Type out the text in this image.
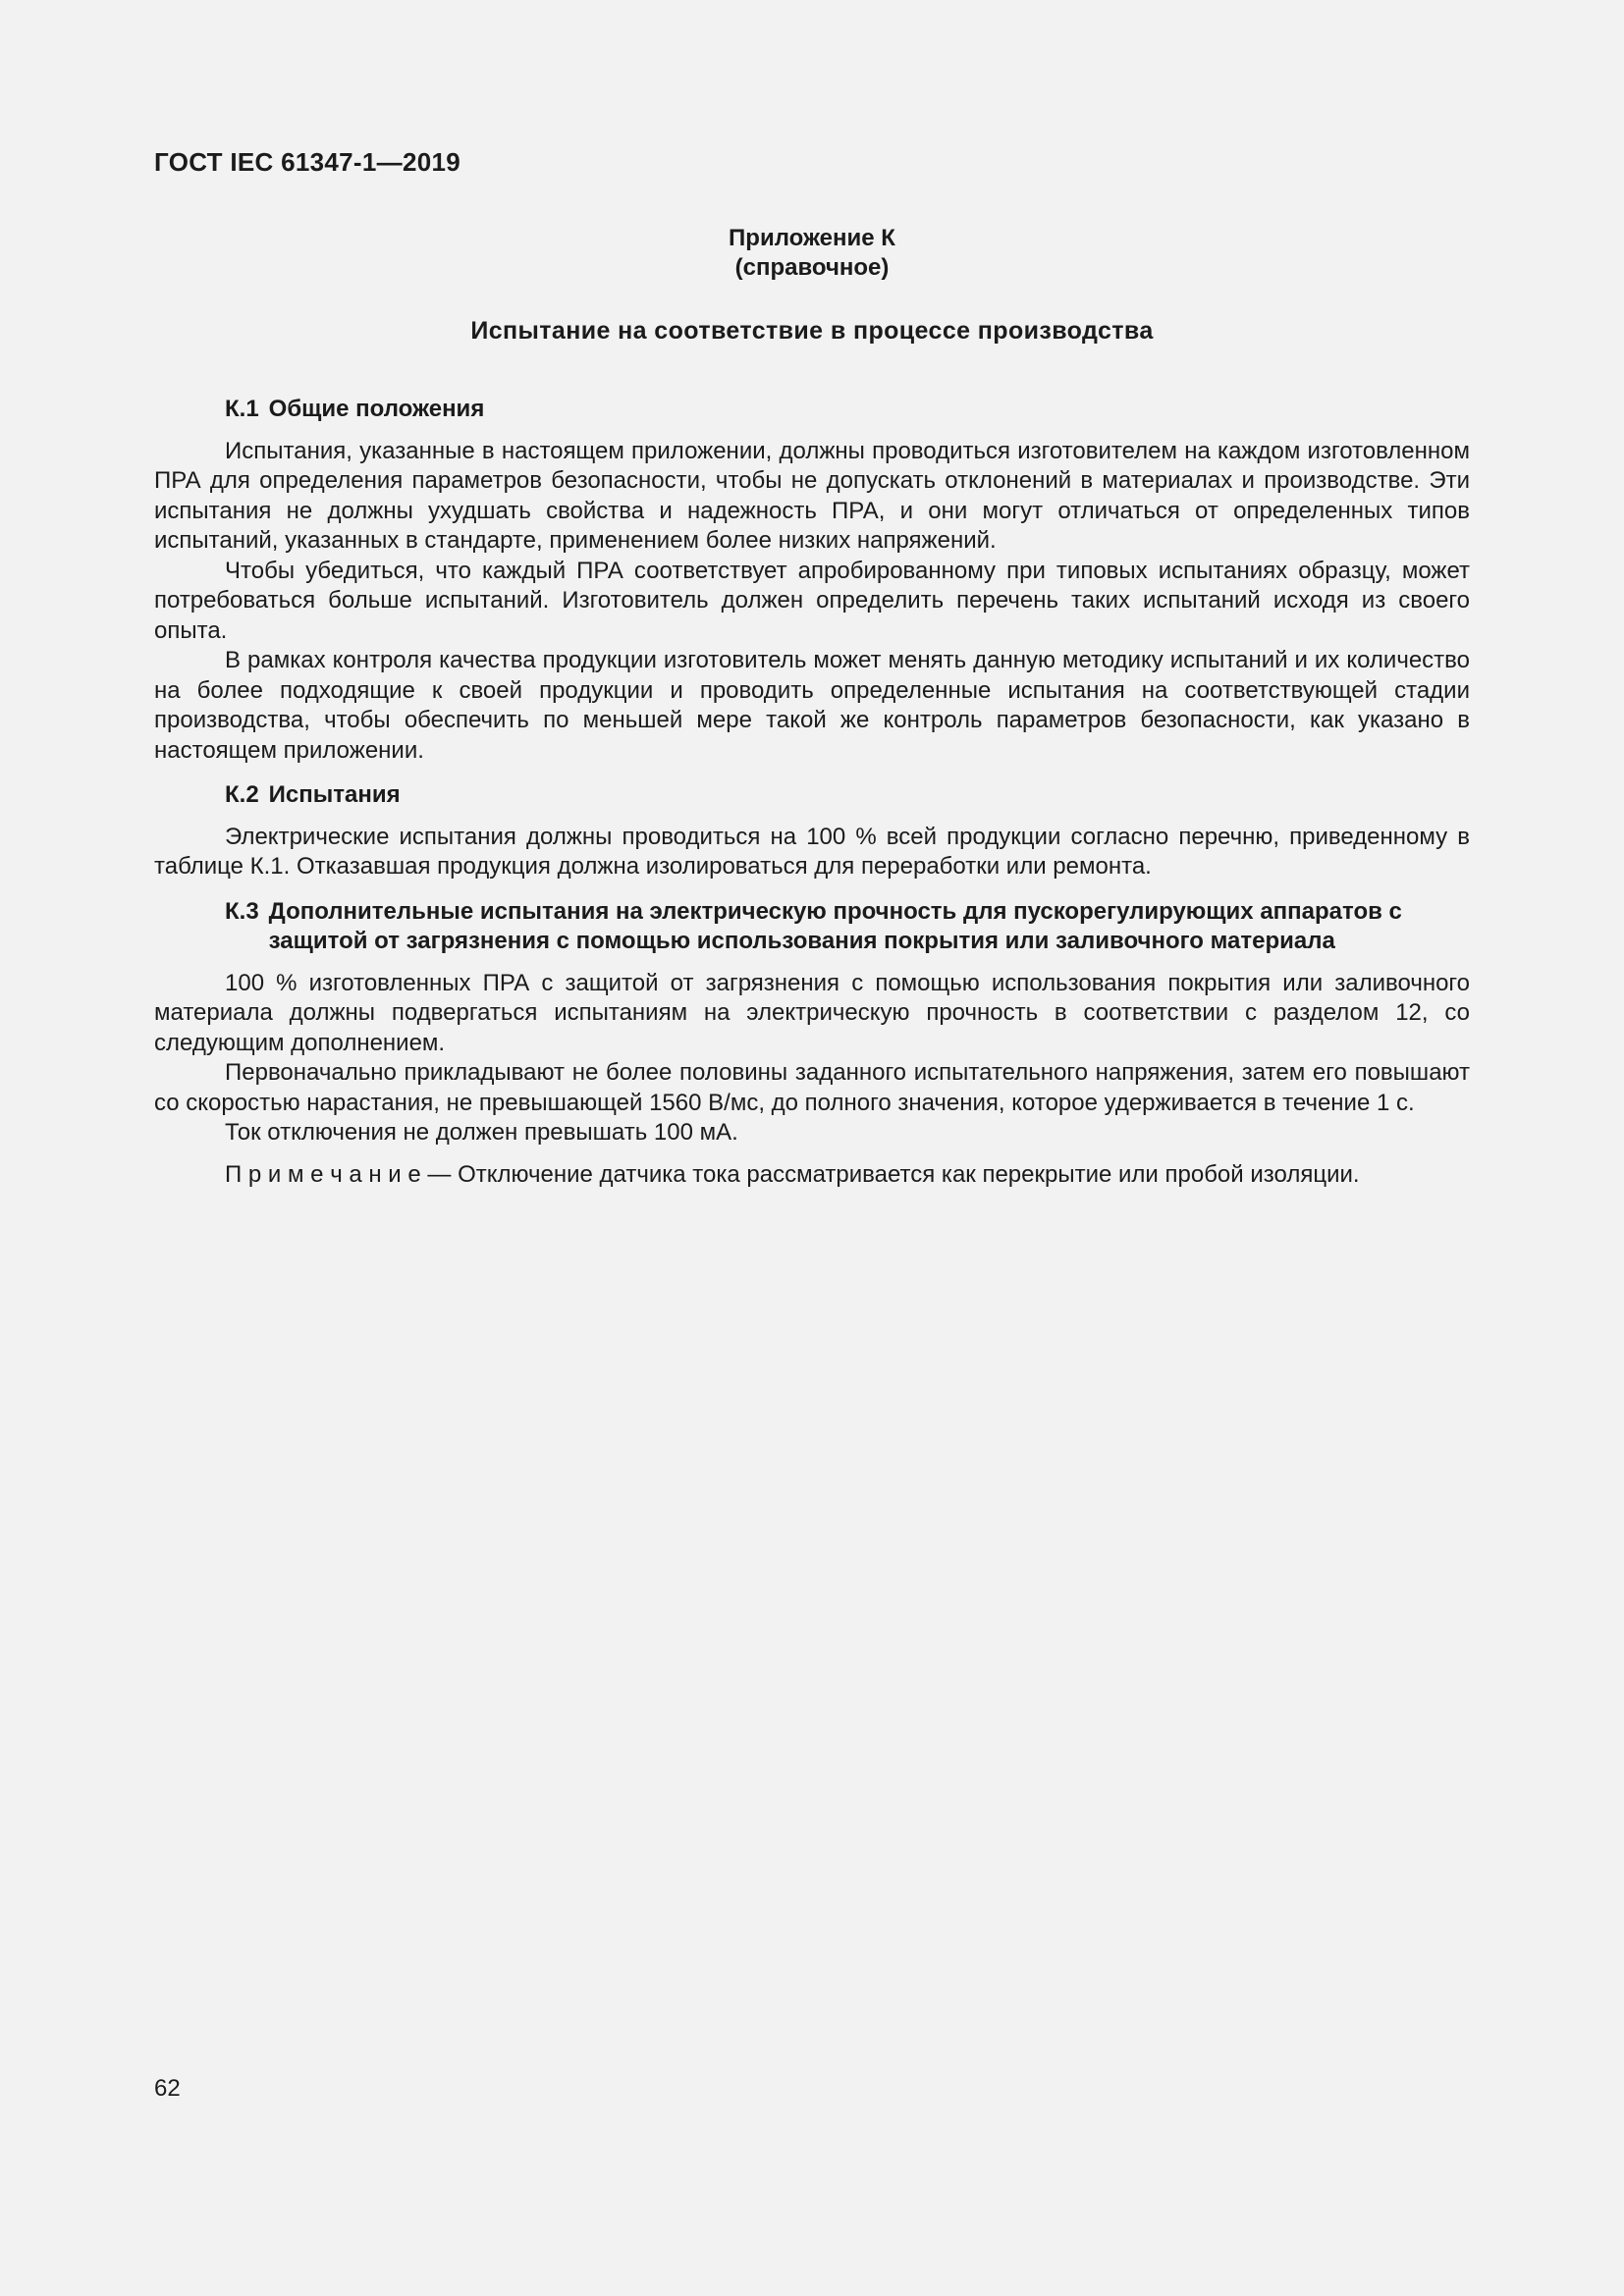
ГОСТ IEC 61347-1—2019
Приложение К
(справочное)
Испытание на соответствие в процессе производства
К.1 Общие положения

Испытания, указанные в настоящем приложении, должны проводиться изготовителем на каждом изготовленном ПРА для определения параметров безопасности, чтобы не допускать отклонений в материалах и производстве. Эти испытания не должны ухудшать свойства и надежность ПРА, и они могут отличаться от определенных типов испытаний, указанных в стандарте, применением более низких напряжений.

Чтобы убедиться, что каждый ПРА соответствует апробированному при типовых испытаниях образцу, может потребоваться больше испытаний. Изготовитель должен определить перечень таких испытаний исходя из своего опыта.

В рамках контроля качества продукции изготовитель может менять данную методику испытаний и их количество на более подходящие к своей продукции и проводить определенные испытания на соответствующей стадии производства, чтобы обеспечить по меньшей мере такой же контроль параметров безопасности, как указано в настоящем приложении.

К.2 Испытания

Электрические испытания должны проводиться на 100 % всей продукции согласно перечню, приведенному в таблице К.1. Отказавшая продукция должна изолироваться для переработки или ремонта.

К.3 Дополнительные испытания на электрическую прочность для пускорегулирующих аппаратов с защитой от загрязнения с помощью использования покрытия или заливочного материала

100 % изготовленных ПРА с защитой от загрязнения с помощью использования покрытия или заливочного материала должны подвергаться испытаниям на электрическую прочность в соответствии с разделом 12, со следующим дополнением.

Первоначально прикладывают не более половины заданного испытательного напряжения, затем его повышают со скоростью нарастания, не превышающей 1560 В/мс, до полного значения, которое удерживается в течение 1 с.

Ток отключения не должен превышать 100 мА.

П р и м е ч а н и е — Отключение датчика тока рассматривается как перекрытие или пробой изоляции.

62
